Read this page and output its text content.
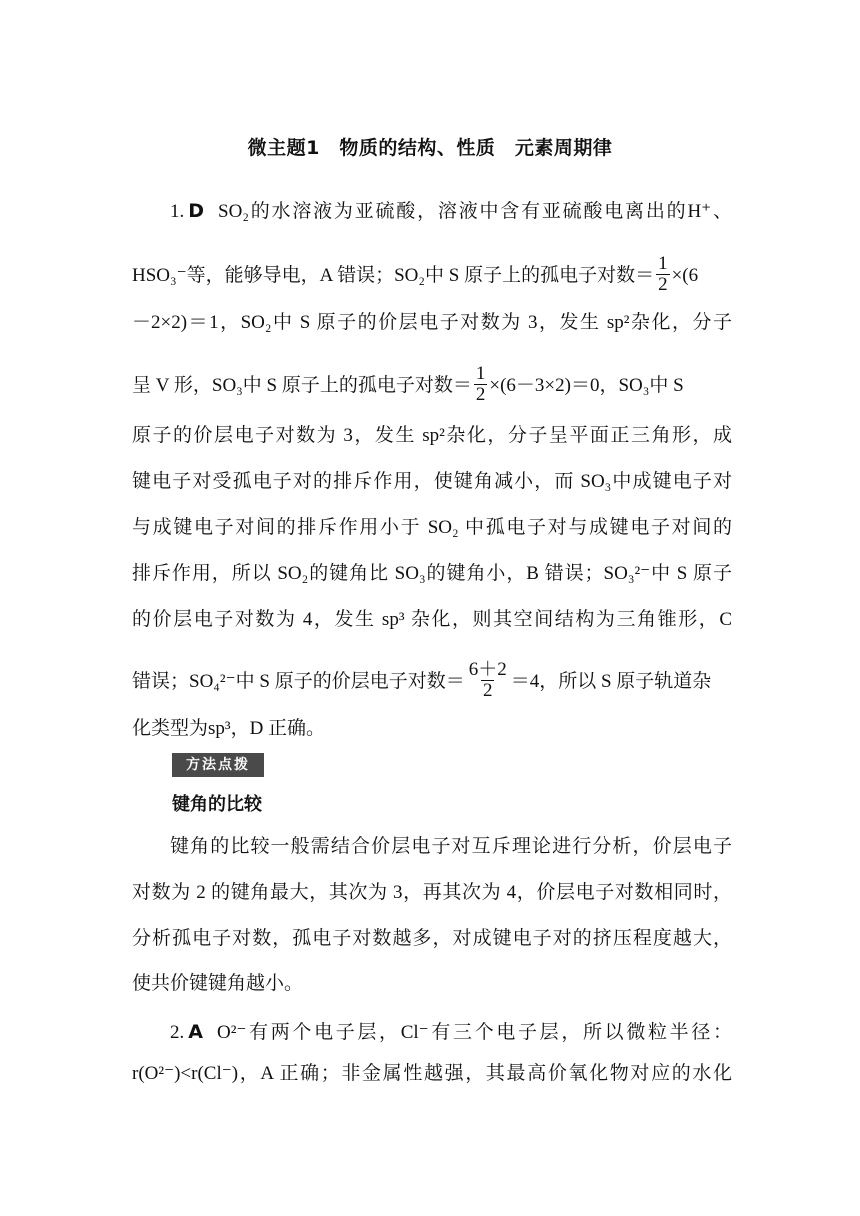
微主题1　物质的结构、性质　元素周期律
1. D SO₂的水溶液为亚硫酸，溶液中含有亚硫酸电离出的H⁺、
HSO₃⁻等，能够导电，A 错误；SO₂中 S 原子上的孤电子对数＝ $\frac{1}{2} \times(6$
－2×2)＝1，SO₂中 S 原子的价层电子对数为 3，发生 sp²杂化，分子
呈 V 形，SO₃中 S 原子上的孤电子对数＝ $\frac{1}{2} \times(6-3\times 2)=0$，SO₃中 S
原子的价层电子对数为 3，发生 sp²杂化，分子呈平面正三角形，成
键电子对受孤电子对的排斥作用，使键角减小，而 SO₃中成键电子对
与成键电子对间的排斥作用小于 SO₂ 中孤电子对与成键电子对间的
排斥作用，所以 SO₂的键角比 SO₃的键角小，B 错误；SO₃²⁻中 S 原子
的价层电子对数为 4，发生 sp³ 杂化，则其空间结构为三角锥形，C
错误；SO₄²⁻中 S 原子的价层电子对数＝ $\frac{6+2}{2} =4$，所以 S 原子轨道杂
化类型为sp³，D 正确。
方法点拨
键角的比较
键角的比较一般需结合价层电子对互斥理论进行分析，价层电子
对数为 2 的键角最大，其次为 3，再其次为 4，价层电子对数相同时，
分析孤电子对数，孤电子对数越多，对成键电子对的挤压程度越大，
使共价键键角越小。
2. A O²⁻有两个电子层，Cl⁻有三个电子层，所以微粒半径：
r(O²⁻)<r(Cl⁻)，A 正确；非金属性越强，其最高价氧化物对应的水化
